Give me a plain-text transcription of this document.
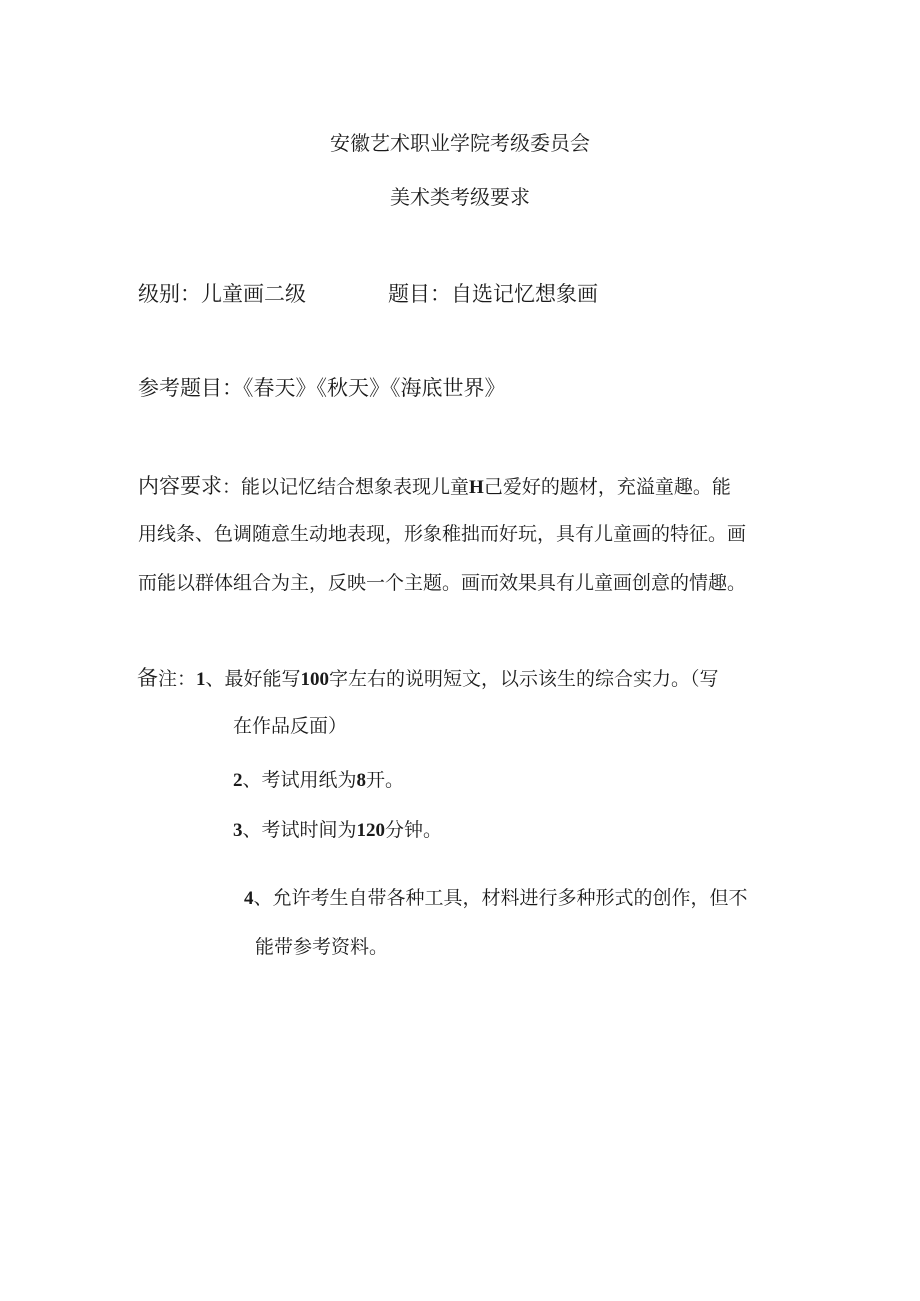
安徽艺术职业学院考级委员会
美术类考级要求
级别：儿童画二级	题目：自选记忆想象画
参考题目：《春天》《秋天》《海底世界》
内容要求：能以记忆结合想象表现儿童H己爱好的题材，充溢童趣。能
用线条、色调随意生动地表现，形象稚拙而好玩，具有儿童画的特征。画
而能以群体组合为主，反映一个主题。画而效果具有儿童画创意的情趣。
备注：1、最好能写100字左右的说明短文，以示该生的综合实力。（写
在作品反面）
2、考试用纸为8开。
3、考试时间为120分钟。
4、允许考生自带各种工具，材料进行多种形式的创作，但不
能带参考资料。
